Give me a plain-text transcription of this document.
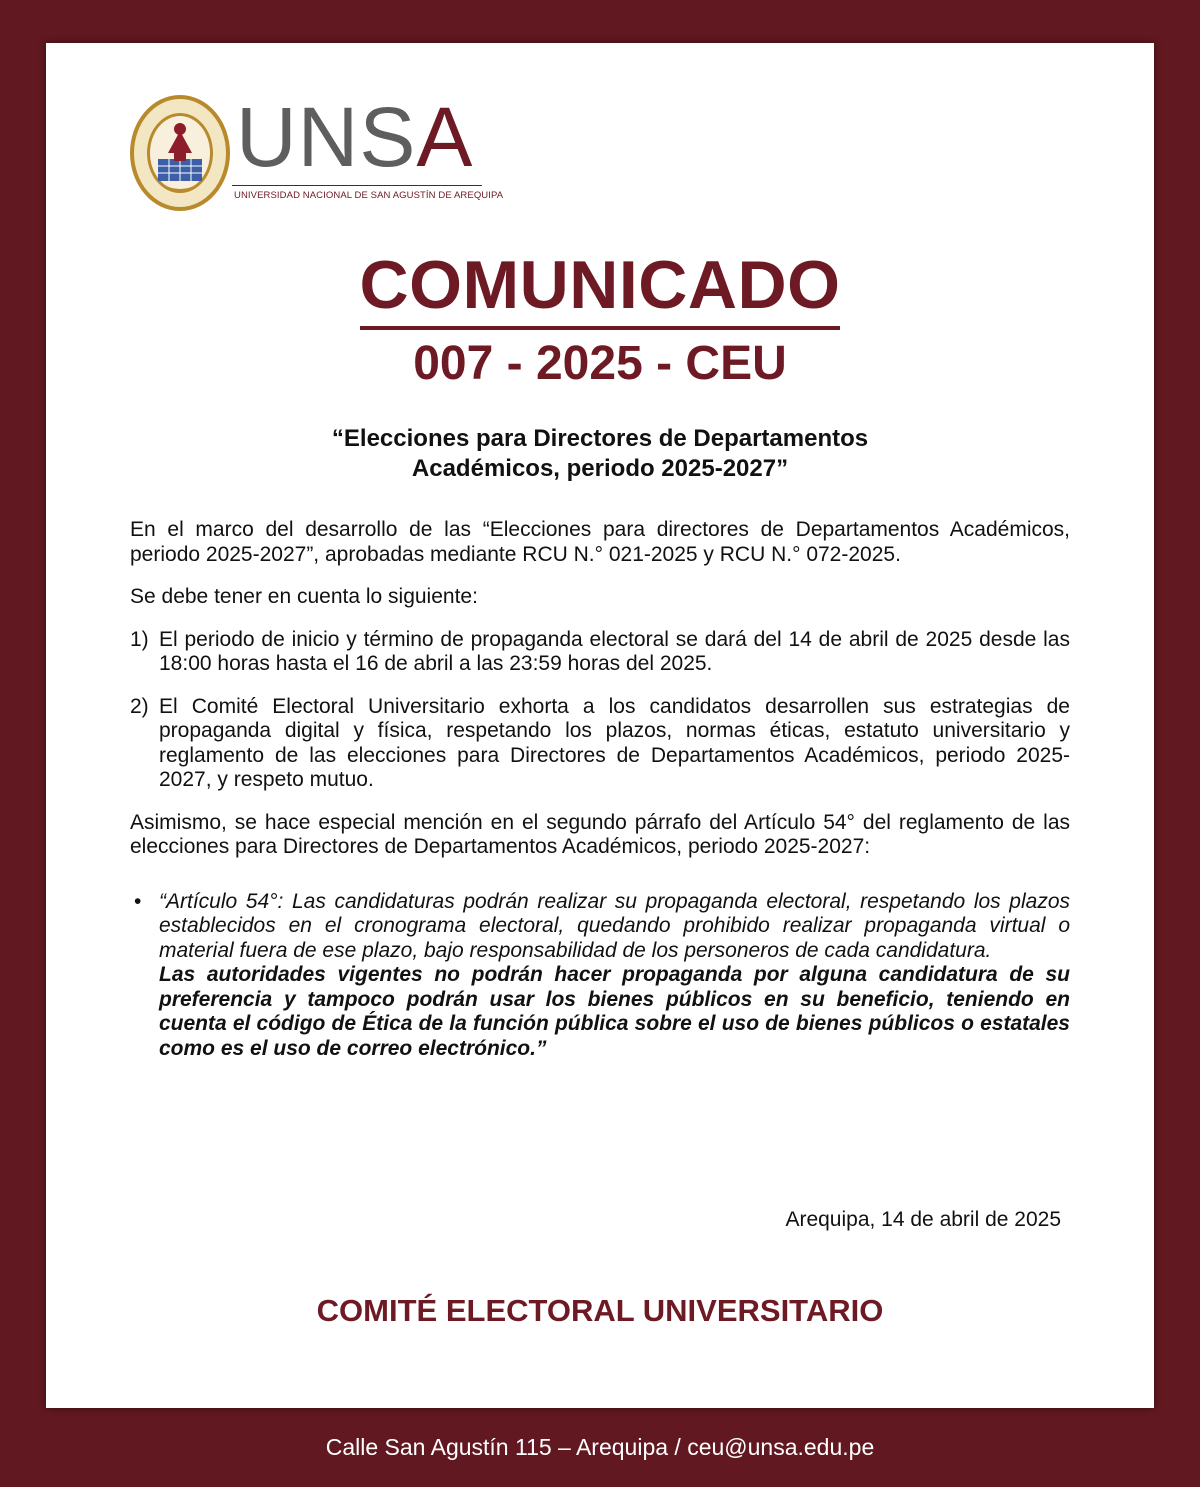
UNSA
UNIVERSIDAD NACIONAL DE SAN AGUSTÍN DE AREQUIPA
COMUNICADO
007 - 2025 - CEU
“Elecciones para Directores de Departamentos
Académicos, periodo 2025-2027”

En el marco del desarrollo de las “Elecciones para directores de Departamentos Académicos, periodo 2025-2027”, aprobadas mediante RCU N.° 021-2025 y RCU N.° 072-2025.

Se debe tener en cuenta lo siguiente:

1) El periodo de inicio y término de propaganda electoral se dará del 14 de abril de 2025 desde las 18:00 horas hasta el 16 de abril a las 23:59 horas del 2025.
2) El Comité Electoral Universitario exhorta a los candidatos desarrollen sus estrategias de propaganda digital y física, respetando los plazos, normas éticas, estatuto universitario y reglamento de las elecciones para Directores de Departamentos Académicos, periodo 2025-2027, y respeto mutuo.

Asimismo, se hace especial mención en el segundo párrafo del Artículo 54° del reglamento de las elecciones para Directores de Departamentos Académicos, periodo 2025-2027:

• “Artículo 54°: Las candidaturas podrán realizar su propaganda electoral, respetando los plazos establecidos en el cronograma electoral, quedando prohibido realizar propaganda virtual o material fuera de ese plazo, bajo responsabilidad de los personeros de cada candidatura.
Las autoridades vigentes no podrán hacer propaganda por alguna candidatura de su preferencia y tampoco podrán usar los bienes públicos en su beneficio, teniendo en cuenta el código de Ética de la función pública sobre el uso de bienes públicos o estatales como es el uso de correo electrónico.”
Arequipa, 14 de abril de 2025
COMITÉ ELECTORAL UNIVERSITARIO
Calle San Agustín 115 – Arequipa / ceu@unsa.edu.pe
